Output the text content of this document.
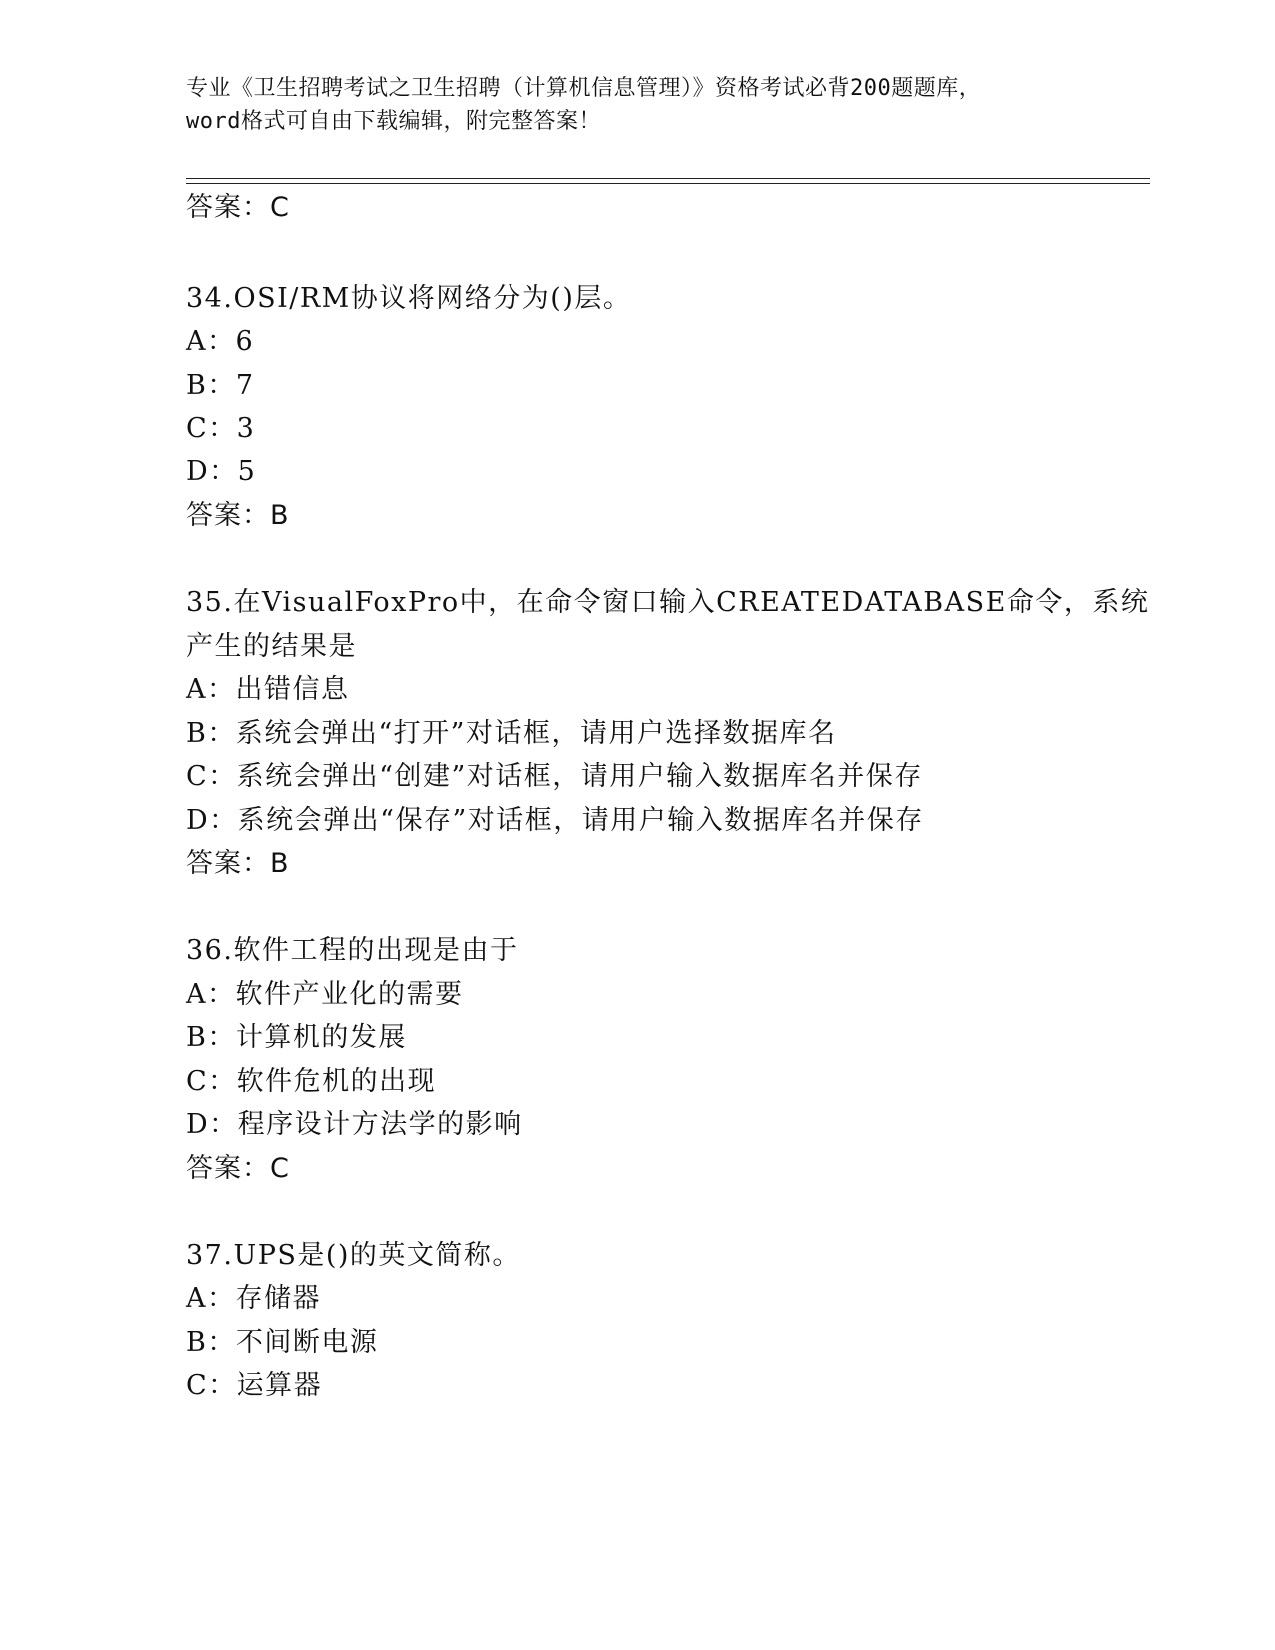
专业《卫生招聘考试之卫生招聘（计算机信息管理）》资格考试必背200题题库，
word格式可自由下载编辑，附完整答案！
答案：C
34.OSI/RM协议将网络分为()层。
A：6
B：7
C：3
D：5
答案：B
35.在VisualFoxPro中，在命令窗口输入CREATEDATABASE命令，系统
产生的结果是
A：出错信息
B：系统会弹出“打开”对话框，请用户选择数据库名
C：系统会弹出“创建”对话框，请用户输入数据库名并保存
D：系统会弹出“保存”对话框，请用户输入数据库名并保存
答案：B
36.软件工程的出现是由于
A：软件产业化的需要
B：计算机的发展
C：软件危机的出现
D：程序设计方法学的影响
答案：C
37.UPS是()的英文简称。
A：存储器
B：不间断电源
C：运算器
